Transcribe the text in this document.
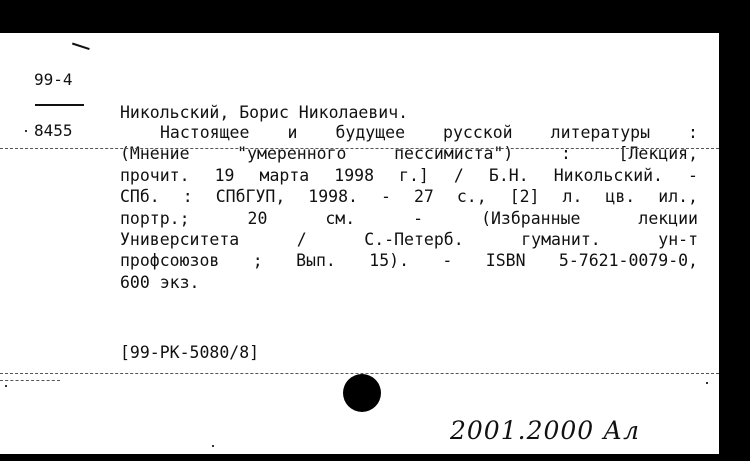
99-4
8455
Никольский, Борис Николаевич.
Настоящее и будущее русской литературы :
(Мнение "умеренного пессимиста") : [Лекция,
прочит. 19 марта 1998 г.] / Б.Н. Никольский. -
СПб. : СПбГУП, 1998. - 27 с., [2] л. цв. ил.,
портр.; 20 см. - (Избранные лекции
Университета / С.-Петерб. гуманит. ун-т
профсоюзов ; Вып. 15). - ISBN 5-7621-0079-0,
600 экз.
[99-РК-5080/8]
2001.2000 Ал
